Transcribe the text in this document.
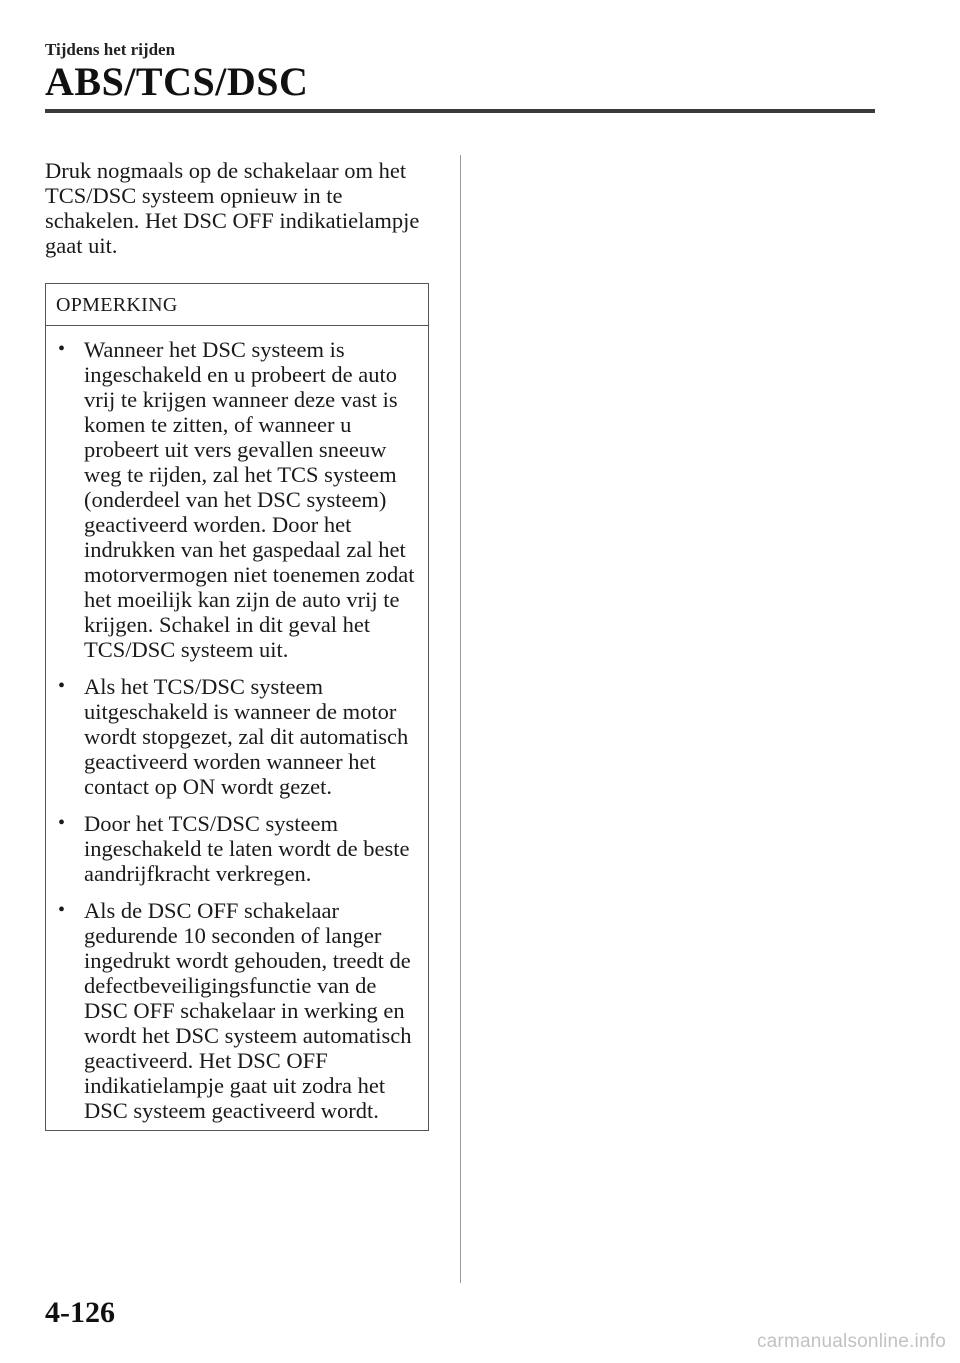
Tijdens het rijden
ABS/TCS/DSC

Druk nogmaals op de schakelaar om het TCS/DSC systeem opnieuw in te schakelen. Het DSC OFF indikatielampje gaat uit.

OPMERKING
• Wanneer het DSC systeem is ingeschakeld en u probeert de auto vrij te krijgen wanneer deze vast is komen te zitten, of wanneer u probeert uit vers gevallen sneeuw weg te rijden, zal het TCS systeem (onderdeel van het DSC systeem) geactiveerd worden. Door het indrukken van het gaspedaal zal het motorvermogen niet toenemen zodat het moeilijk kan zijn de auto vrij te krijgen. Schakel in dit geval het TCS/DSC systeem uit.
• Als het TCS/DSC systeem uitgeschakeld is wanneer de motor wordt stopgezet, zal dit automatisch geactiveerd worden wanneer het contact op ON wordt gezet.
• Door het TCS/DSC systeem ingeschakeld te laten wordt de beste aandrijfkracht verkregen.
• Als de DSC OFF schakelaar gedurende 10 seconden of langer ingedrukt wordt gehouden, treedt de defectbeveiligingsfunctie van de DSC OFF schakelaar in werking en wordt het DSC systeem automatisch geactiveerd. Het DSC OFF indikatielampje gaat uit zodra het DSC systeem geactiveerd wordt.
4-126
carmanualsonline.info
